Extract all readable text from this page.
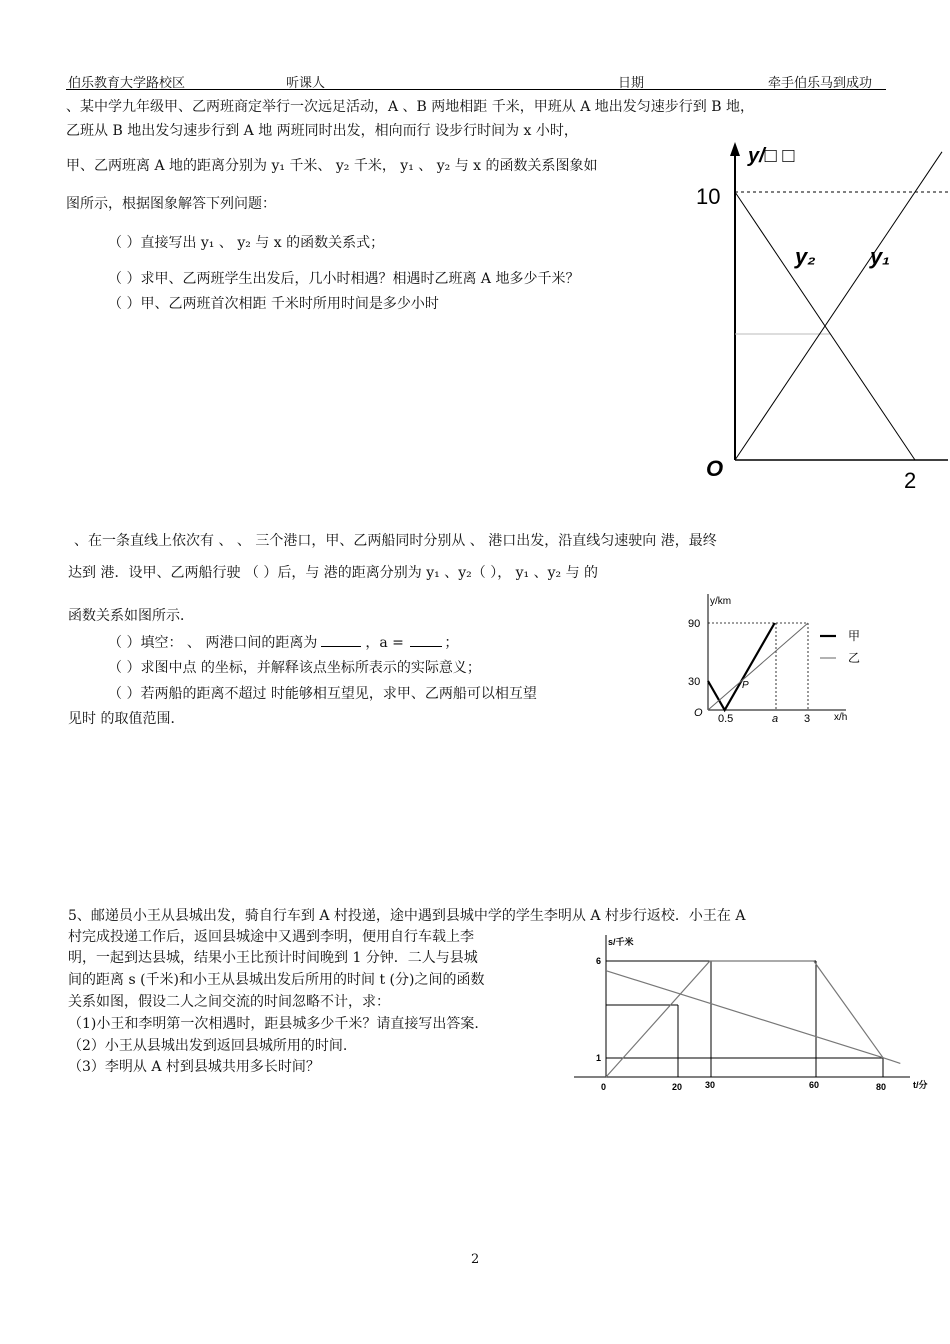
伯乐教育大学路校区	听课人	日期	牵手伯乐马到成功
、某中学九年级甲、乙两班商定举行一次远足活动，A 、B 两地相距 千米，甲班从 A 地出发匀速步行到 B 地，
乙班从 B 地出发匀速步行到 A 地 两班同时出发，相向而行 设步行时间为 x 小时，
甲、乙两班离 A 地的距离分别为 y₁ 千米、 y₂ 千米， y₁ 、 y₂ 与 x 的函数关系图象如
图所示，根据图象解答下列问题：
（ ）直接写出 y₁ 、 y₂ 与 x 的函数关系式；
（ ）求甲、乙两班学生出发后，几小时相遇？相遇时乙班离 A 地多少千米？
（ ）甲、乙两班首次相距 千米时所用时间是多少小时
y/□ □
10
O	2
y₂ y₁
、在一条直线上依次有 、 、 三个港口，甲、乙两船同时分别从 、 港口出发，沿直线匀速驶向 港，最终
达到 港．设甲、乙两船行驶 （ ）后，与 港的距离分别为 y₁ 、y₂（ ）， y₁ 、y₂ 与 的
函数关系如图所示．
（ ）填空： 、 两港口间的距离为	，a =	；
（ ）求图中点 的坐标，并解释该点坐标所表示的实际意义；
（ ）若两船的距离不超过 时能够相互望见，求甲、乙两船可以相互望
见时 的取值范围．
y/km
90
30
O 0.5	a 3 x/h
P
甲
乙
5、邮递员小王从县城出发，骑自行车到 A 村投递，途中遇到县城中学的学生李明从 A 村步行返校．小王在 A
村完成投递工作后，返回县城途中又遇到李明，便用自行车载上李
明，一起到达县城，结果小王比预计时间晚到 1 分钟．二人与县城
间的距离 s (千米)和小王从县城出发后所用的时间 t (分)之间的函数
关系如图，假设二人之间交流的时间忽略不计，求：
（1)小王和李明第一次相遇时，距县城多少千米？请直接写出答案.
（2）小王从县城出发到返回县城所用的时间.
（3）李明从 A 村到县城共用多长时间？
s/千米
6
1
0	20	30	60	80	t/分
2
